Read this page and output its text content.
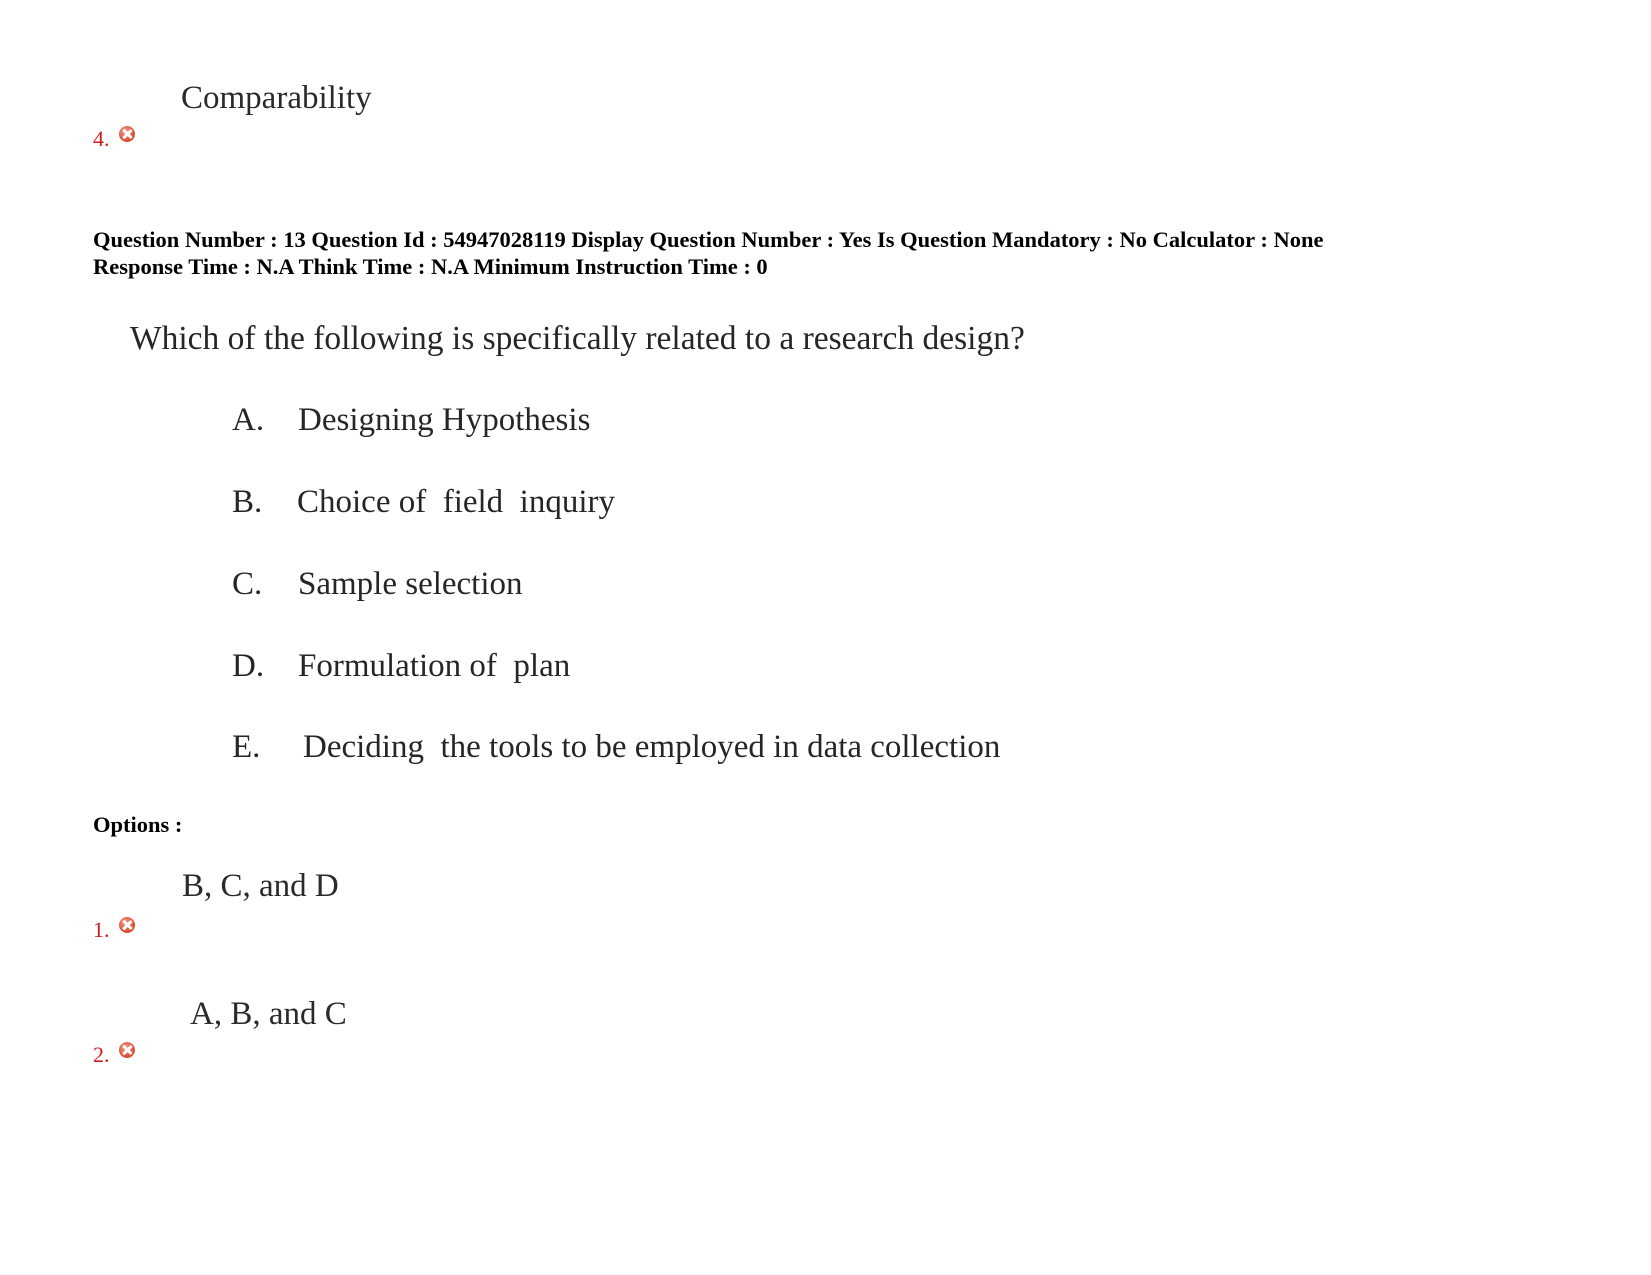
Comparability
4.
Question Number : 13 Question Id : 54947028119 Display Question Number : Yes Is Question Mandatory : No Calculator : None
Response Time : N.A Think Time : N.A Minimum Instruction Time : 0
Which of the following is specifically related to a research design?
A. Designing Hypothesis
B. Choice of  field  inquiry
C. Sample selection
D. Formulation of  plan
E. Deciding  the tools to be employed in data collection
Options :
B, C, and D
1.
A, B, and C
2.
